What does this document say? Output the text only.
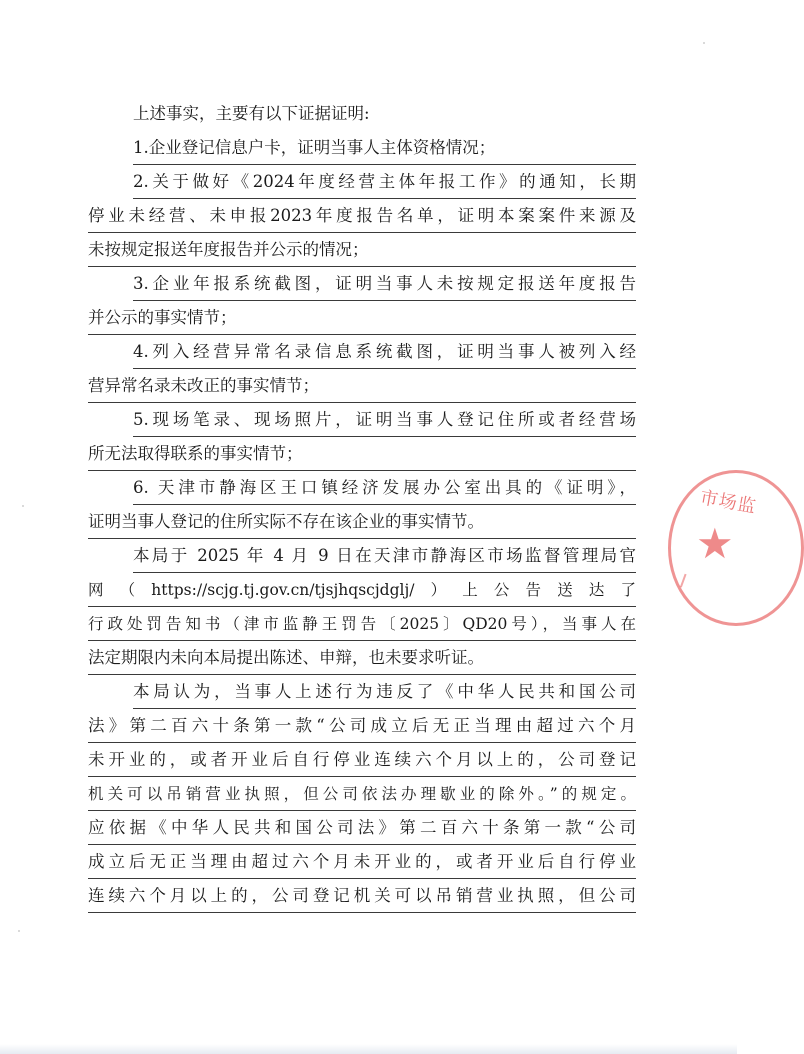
上述事实，主要有以下证据证明:
1.企业登记信息户卡，证明当事人主体资格情况；
2.关于做好《2024年度经营主体年报工作》的通知，长期
停业未经营、未申报2023年度报告名单，证明本案案件来源及
未按规定报送年度报告并公示的情况；
3.企业年报系统截图，证明当事人未按规定报送年度报告
并公示的事实情节；
4.列入经营异常名录信息系统截图，证明当事人被列入经
营异常名录未改正的事实情节；
5.现场笔录、现场照片，证明当事人登记住所或者经营场
所无法取得联系的事实情节；
6. 天津市静海区王口镇经济发展办公室出具的《证明》，
证明当事人登记的住所实际不存在该企业的事实情节。
本局于 2025 年 4 月 9 日在天津市静海区市场监督管理局官
网（https://scjg.tj.gov.cn/tjsjhqscjdglj/）上公告送达了
行政处罚告知书（津市监静王罚告〔2025〕QD20号），当事人在
法定期限内未向本局提出陈述、申辩，也未要求听证。
本局认为，当事人上述行为违反了《中华人民共和国公司
法》第二百六十条第一款“公司成立后无正当理由超过六个月
未开业的，或者开业后自行停业连续六个月以上的，公司登记
机关可以吊销营业执照，但公司依法办理歇业的除外。”的规定。
应依据《中华人民共和国公司法》第二百六十条第一款“公司
成立后无正当理由超过六个月未开业的，或者开业后自行停业
连续六个月以上的，公司登记机关可以吊销营业执照，但公司
市场监
★
